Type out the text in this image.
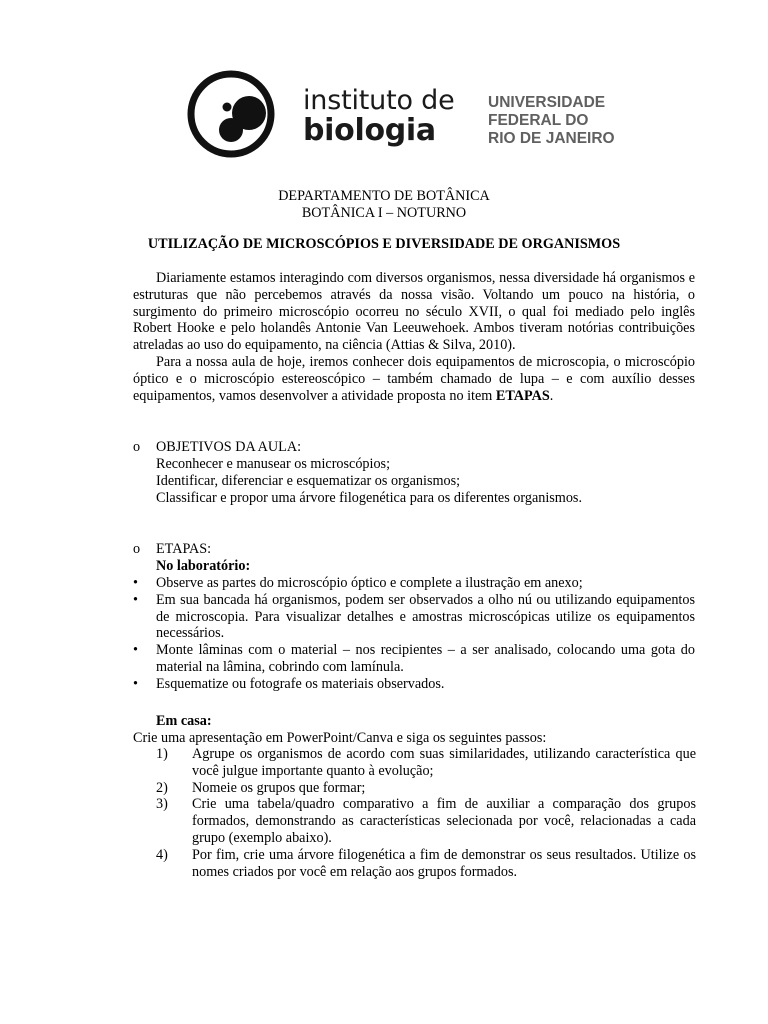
instituto de
biologia
UNIVERSIDADE
FEDERAL DO
RIO DE JANEIRO
DEPARTAMENTO DE BOTÂNICA
BOTÂNICA I – NOTURNO
UTILIZAÇÃO DE MICROSCÓPIOS E DIVERSIDADE DE ORGANISMOS
Diariamente estamos interagindo com diversos organismos, nessa diversidade há organismos e estruturas que não percebemos através da nossa visão. Voltando um pouco na história, o surgimento do primeiro microscópio ocorreu no século XVII, o qual foi mediado pelo inglês Robert Hooke e pelo holandês Antonie Van Leeuwehoek. Ambos tiveram notórias contribuições atreladas ao uso do equipamento, na ciência (Attias & Silva, 2010).
Para a nossa aula de hoje, iremos conhecer dois equipamentos de microscopia, o microscópio óptico e o microscópio estereoscópico – também chamado de lupa – e com auxílio desses equipamentos, vamos desenvolver a atividade proposta no item ETAPAS.
o	OBJETIVOS DA AULA:
Reconhecer e manusear os microscópios;
Identificar, diferenciar e esquematizar os organismos;
Classificar e propor uma árvore filogenética para os diferentes organismos.
o	ETAPAS:
No laboratório:
•	Observe as partes do microscópio óptico e complete a ilustração em anexo;
•	Em sua bancada há organismos, podem ser observados a olho nú ou utilizando equipamentos de microscopia. Para visualizar detalhes e amostras microscópicas utilize os equipamentos necessários.
•	Monte lâminas com o material – nos recipientes – a ser analisado, colocando uma gota do material na lâmina, cobrindo com lamínula.
•	Esquematize ou fotografe os materiais observados.
Em casa:
Crie uma apresentação em PowerPoint/Canva e siga os seguintes passos:
1) Agrupe os organismos de acordo com suas similaridades, utilizando característica que você julgue importante quanto à evolução;
2) Nomeie os grupos que formar;
3) Crie uma tabela/quadro comparativo a fim de auxiliar a comparação dos grupos formados, demonstrando as características selecionada por você, relacionadas a cada grupo (exemplo abaixo).
4) Por fim, crie uma árvore filogenética a fim de demonstrar os seus resultados. Utilize os nomes criados por você em relação aos grupos formados.
